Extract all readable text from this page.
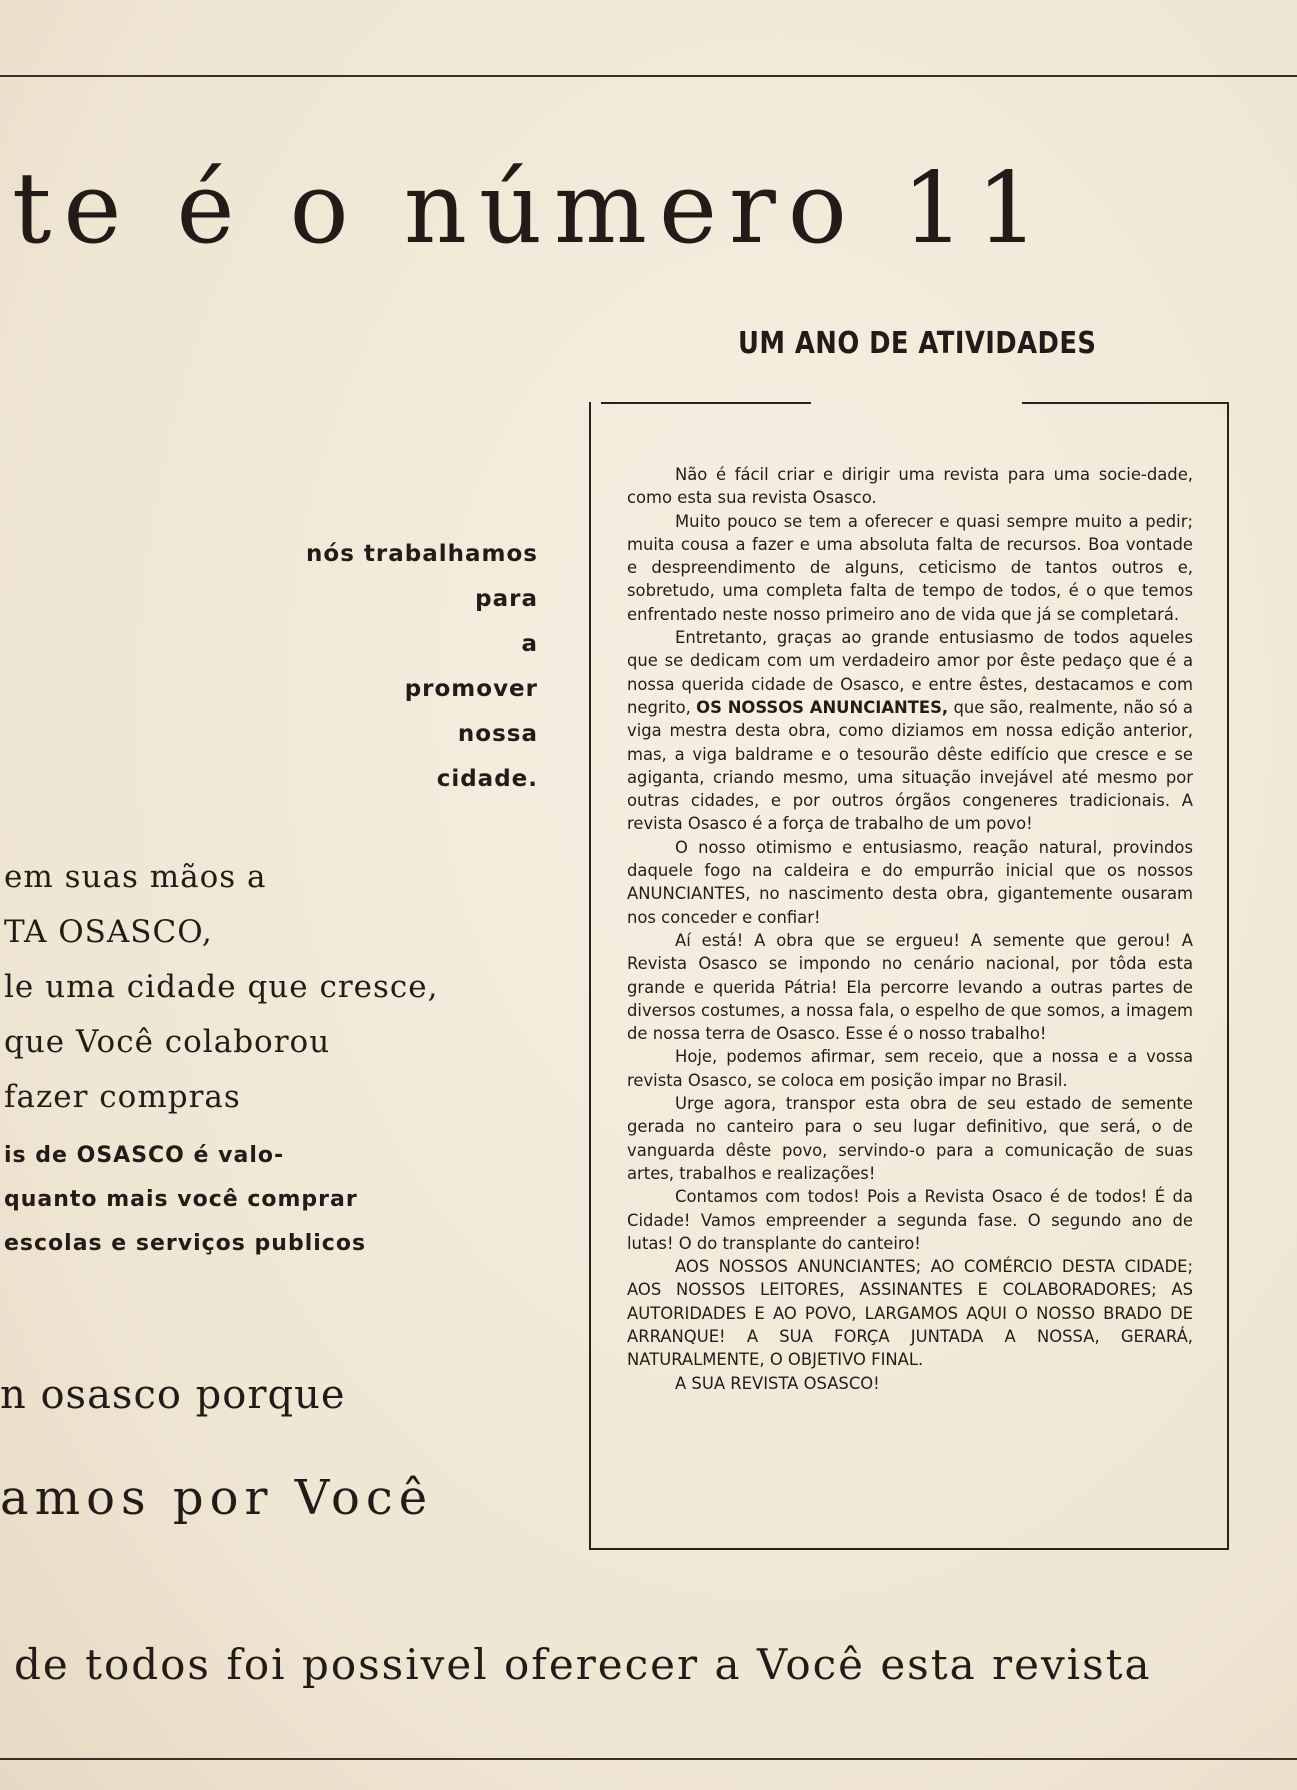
te é o número 11
UM ANO DE ATIVIDADES

Não é fácil criar e dirigir uma revista para uma socie-dade, como esta sua revista Osasco.

Muito pouco se tem a oferecer e quasi sempre muito a pedir; muita cousa a fazer e uma absoluta falta de recursos. Boa vontade e despreendimento de alguns, ceticismo de tantos outros e, sobretudo, uma completa falta de tempo de todos, é o que temos enfrentado neste nosso primeiro ano de vida que já se completará.

Entretanto, graças ao grande entusiasmo de todos aqueles que se dedicam com um verdadeiro amor por êste pedaço que é a nossa querida cidade de Osasco, e entre êstes, destacamos e com negrito, OS NOSSOS ANUNCIANTES, que são, realmente, não só a viga mestra desta obra, como diziamos em nossa edição anterior, mas, a viga baldrame e o tesourão dêste edifício que cresce e se agiganta, criando mesmo, uma situação invejável até mesmo por outras cidades, e por outros órgãos congeneres tradicionais. A revista Osasco é a força de trabalho de um povo!

O nosso otimismo e entusiasmo, reação natural, provindos daquele fogo na caldeira e do empurrão inicial que os nossos ANUNCIANTES, no nascimento desta obra, gigantemente ousaram nos conceder e confiar!

Aí está! A obra que se ergueu! A semente que gerou! A Revista Osasco se impondo no cenário nacional, por tôda esta grande e querida Pátria! Ela percorre levando a outras partes de diversos costumes, a nossa fala, o espelho de que somos, a imagem de nossa terra de Osasco. Esse é o nosso trabalho!

Hoje, podemos afirmar, sem receio, que a nossa e a vossa revista Osasco, se coloca em posição impar no Brasil.

Urge agora, transpor esta obra de seu estado de semente gerada no canteiro para o seu lugar definitivo, que será, o de vanguarda dêste povo, servindo-o para a comunicação de suas artes, trabalhos e realizações!

Contamos com todos! Pois a Revista Osaco é de todos! É da Cidade! Vamos empreender a segunda fase. O segundo ano de lutas! O do transplante do canteiro!

AOS NOSSOS ANUNCIANTES; AO COMÉRCIO DESTA CIDADE; AOS NOSSOS LEITORES, ASSINANTES E COLABORADORES; AS AUTORIDADES E AO POVO, LARGAMOS AQUI O NOSSO BRADO DE ARRANQUE! A SUA FORÇA JUNTADA A NOSSA, GERARÁ, NATURALMENTE, O OBJETIVO FINAL.

A SUA REVISTA OSASCO!

nós trabalhamos
para
a
promover
nossa
cidade.
em suas mãos a
TA OSASCO,
le uma cidade que cresce,
que Você colaborou
fazer compras
is de OSASCO é valo-
quanto mais você comprar
escolas e serviços publicos
n osasco porque
amos por Você
de todos foi possivel oferecer a Você esta revista
